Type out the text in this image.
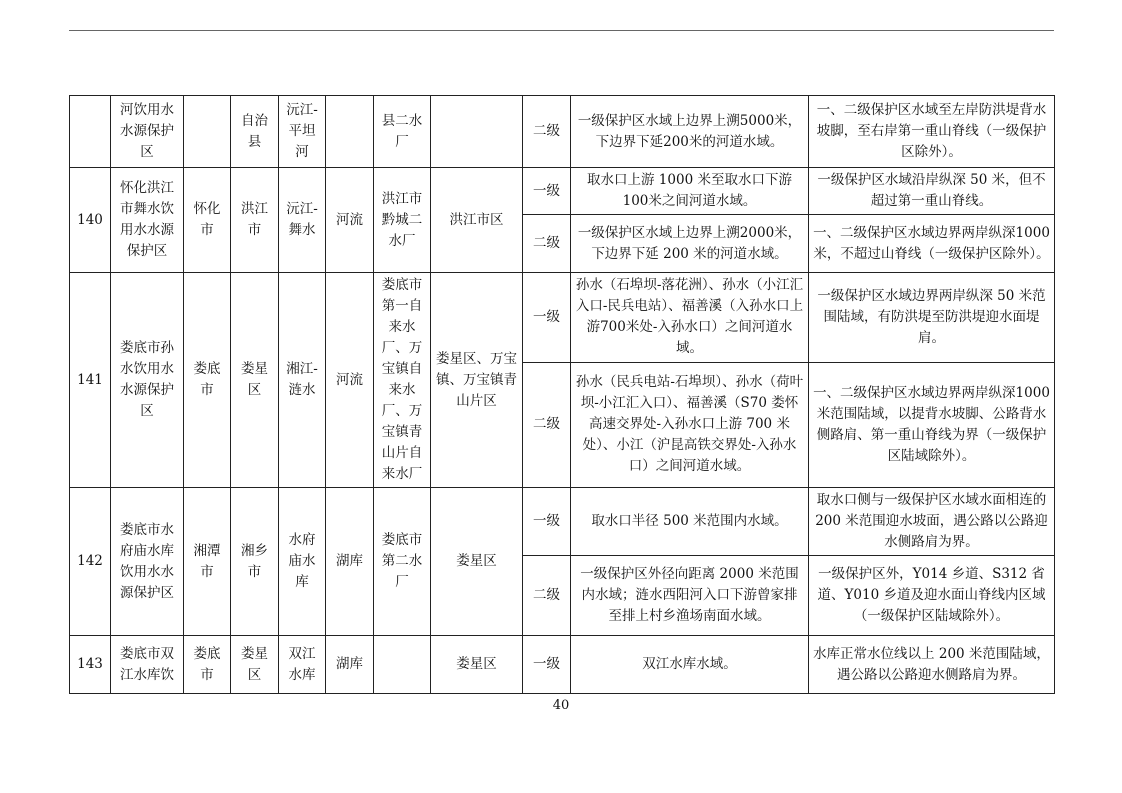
	河饮用水水源保护区		自治县	沅江-平坦河		县二水厂		二级	一级保护区水域上边界上溯5000米，下边界下延200米的河道水域。	一、二级保护区水域至左岸防洪堤背水坡脚，至右岸第一重山脊线（一级保护区除外）。
140	怀化洪江市舞水饮用水水源保护区	怀化市	洪江市	沅江-舞水	河流	洪江市黔城二水厂	洪江市区	一级	取水口上游 1000 米至取水口下游100米之间河道水域。	一级保护区水域沿岸纵深 50 米，但不超过第一重山脊线。
								二级	一级保护区水域上边界上溯2000米，下边界下延 200 米的河道水域。	一、二级保护区水域边界两岸纵深1000 米，不超过山脊线（一级保护区除外）。
141	娄底市孙水饮用水水源保护区	娄底市	娄星区	湘江-涟水	河流	娄底市第一自来水厂、万宝镇自来水厂、万宝镇青山片自来水厂	娄星区、万宝镇、万宝镇青山片区	一级	孙水（石埠坝-落花洲）、孙水（小江汇入口-民兵电站）、福善溪（入孙水口上游700米处-入孙水口）之间河道水域。	一级保护区水域边界两岸纵深 50 米范围陆域，有防洪堤至防洪堤迎水面堤肩。
								二级	孙水（民兵电站-石埠坝）、孙水（荷叶坝-小江汇入口）、福善溪（S70 娄怀高速交界处-入孙水口上游 700 米处）、小江（沪昆高铁交界处-入孙水口）之间河道水域。	一、二级保护区水域边界两岸纵深1000 米范围陆域，以提背水坡脚、公路背水侧路肩、第一重山脊线为界（一级保护区陆域除外）。
142	娄底市水府庙水库饮用水水源保护区	湘潭市	湘乡市	水府庙水库	湖库	娄底市第二水厂	娄星区	一级	取水口半径 500 米范围内水域。	取水口侧与一级保护区水域水面相连的 200 米范围迎水坡面，遇公路以公路迎水侧路肩为界。
								二级	一级保护区外径向距离 2000 米范围内水域；涟水西阳河入口下游曾家排至排上村乡渔场南面水域。	一级保护区外，Y014 乡道、S312 省道、Y010 乡道及迎水面山脊线内区域（一级保护区陆域除外）。
143	娄底市双江水库饮	娄底市	娄星区	双江水库	湖库		娄星区	一级	双江水库水域。	水库正常水位线以上 200 米范围陆域，遇公路以公路迎水侧路肩为界。
40
